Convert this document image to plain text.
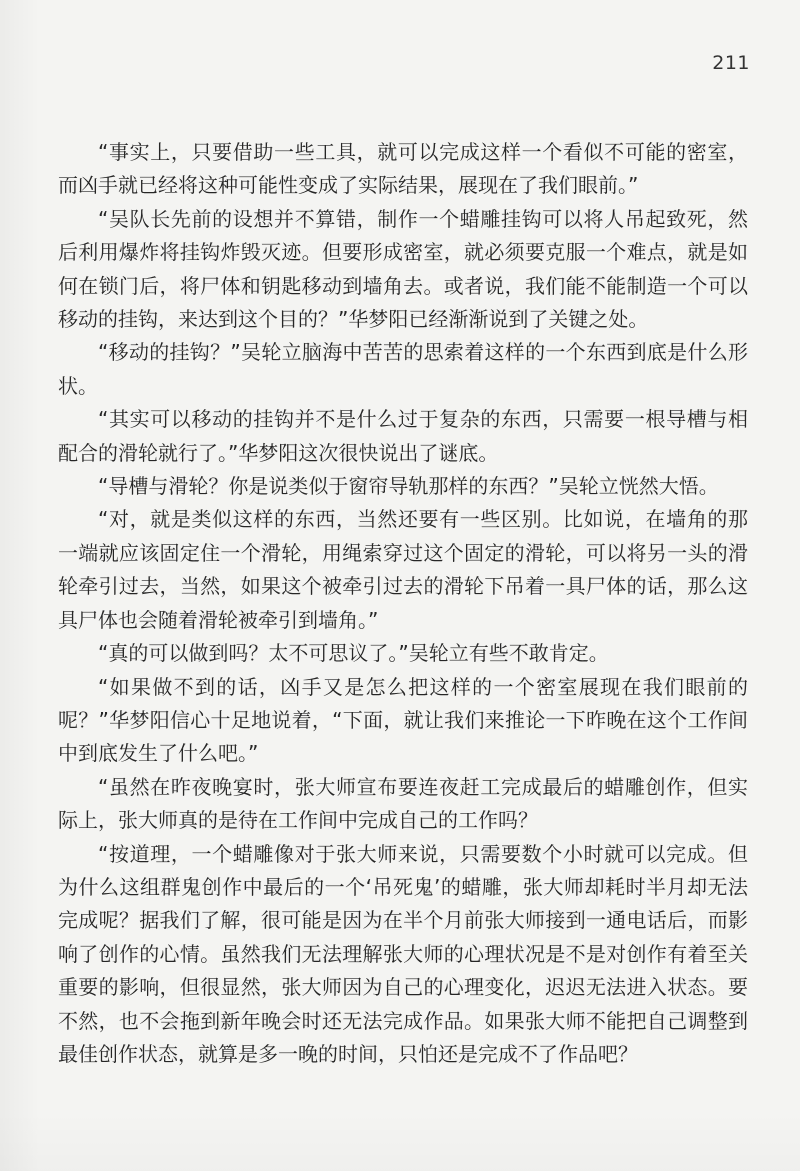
211

“事实上，只要借助一些工具，就可以完成这样一个看似不可能的密室，而凶手就已经将这种可能性变成了实际结果，展现在了我们眼前。”

“吴队长先前的设想并不算错，制作一个蜡雕挂钩可以将人吊起致死，然后利用爆炸将挂钩炸毁灭迹。但要形成密室，就必须要克服一个难点，就是如何在锁门后，将尸体和钥匙移动到墙角去。或者说，我们能不能制造一个可以移动的挂钩，来达到这个目的？”华梦阳已经渐渐说到了关键之处。

“移动的挂钩？”吴轮立脑海中苦苦的思索着这样的一个东西到底是什么形状。

“其实可以移动的挂钩并不是什么过于复杂的东西，只需要一根导槽与相配合的滑轮就行了。”华梦阳这次很快说出了谜底。

“导槽与滑轮？你是说类似于窗帘导轨那样的东西？”吴轮立恍然大悟。

“对，就是类似这样的东西，当然还要有一些区别。比如说，在墙角的那一端就应该固定住一个滑轮，用绳索穿过这个固定的滑轮，可以将另一头的滑轮牵引过去，当然，如果这个被牵引过去的滑轮下吊着一具尸体的话，那么这具尸体也会随着滑轮被牵引到墙角。”

“真的可以做到吗？太不可思议了。”吴轮立有些不敢肯定。

“如果做不到的话，凶手又是怎么把这样的一个密室展现在我们眼前的呢？”华梦阳信心十足地说着，“下面，就让我们来推论一下昨晚在这个工作间中到底发生了什么吧。”

“虽然在昨夜晚宴时，张大师宣布要连夜赶工完成最后的蜡雕创作，但实际上，张大师真的是待在工作间中完成自己的工作吗？

“按道理，一个蜡雕像对于张大师来说，只需要数个小时就可以完成。但为什么这组群鬼创作中最后的一个‘吊死鬼’的蜡雕，张大师却耗时半月却无法完成呢？据我们了解，很可能是因为在半个月前张大师接到一通电话后，而影响了创作的心情。虽然我们无法理解张大师的心理状况是不是对创作有着至关重要的影响，但很显然，张大师因为自己的心理变化，迟迟无法进入状态。要不然，也不会拖到新年晚会时还无法完成作品。如果张大师不能把自己调整到最佳创作状态，就算是多一晚的时间，只怕还是完成不了作品吧？
